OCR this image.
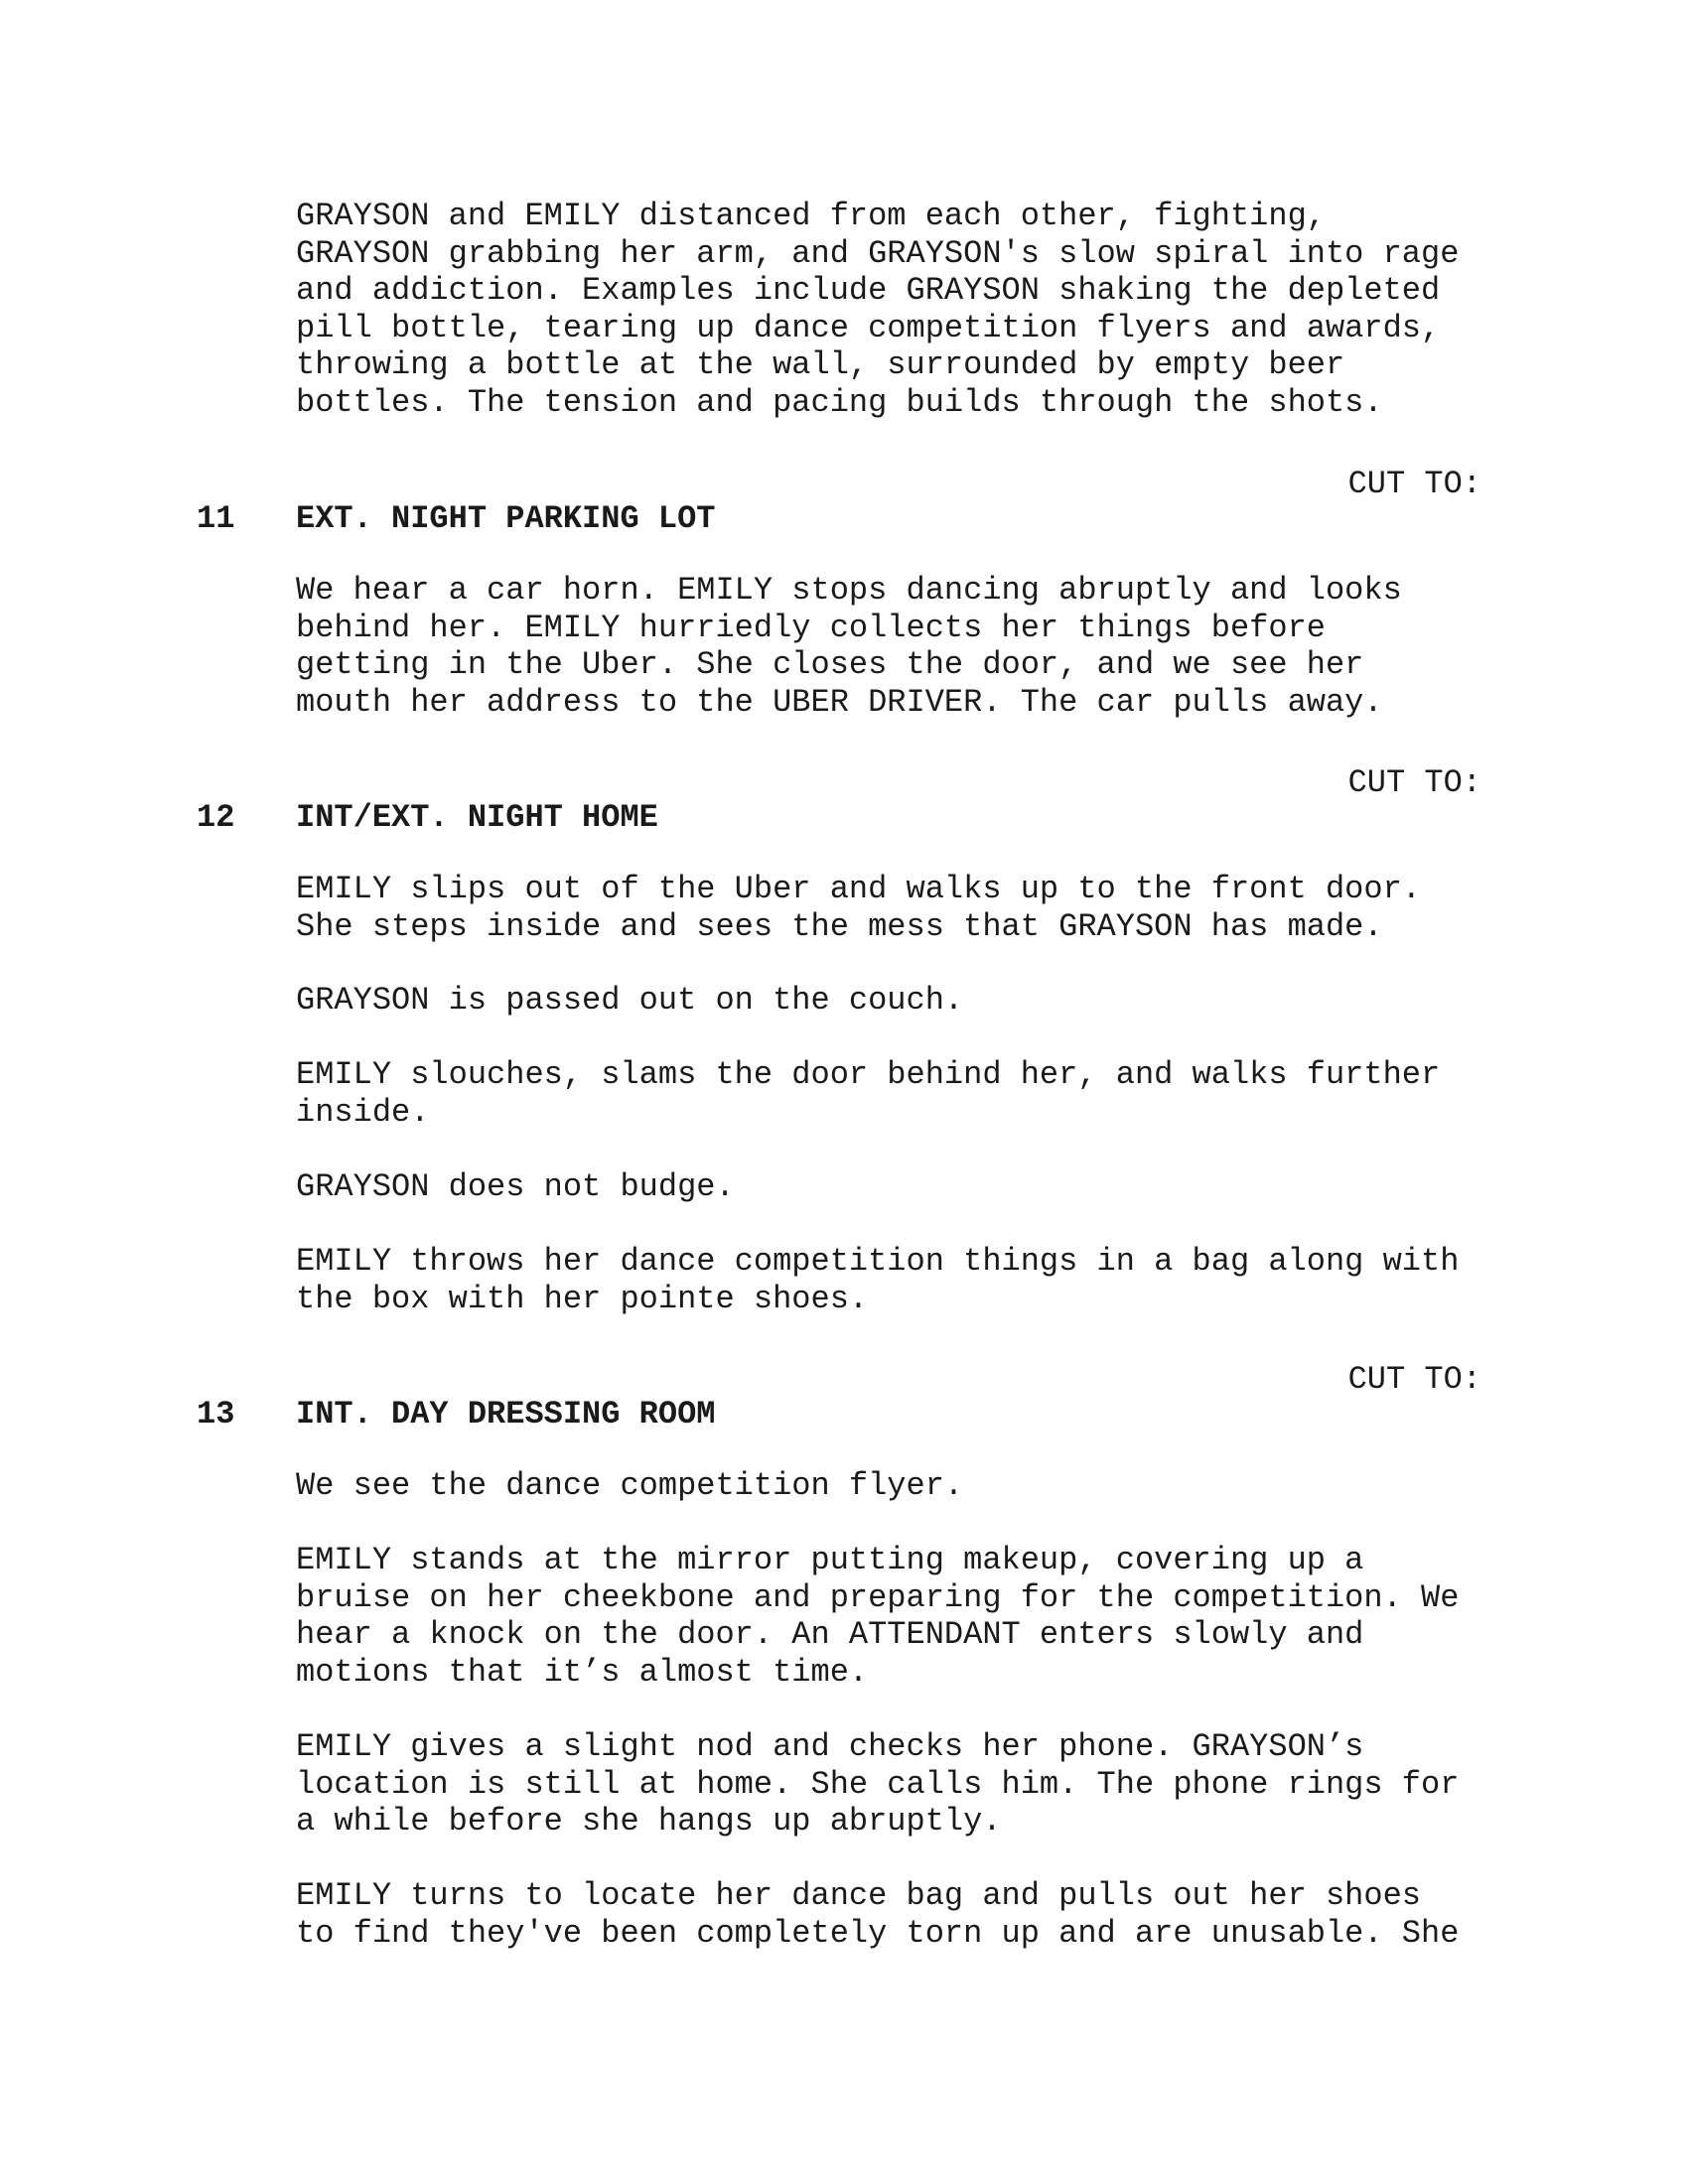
GRAYSON and EMILY distanced from each other, fighting,
GRAYSON grabbing her arm, and GRAYSON's slow spiral into rage
and addiction. Examples include GRAYSON shaking the depleted
pill bottle, tearing up dance competition flyers and awards,
throwing a bottle at the wall, surrounded by empty beer
bottles. The tension and pacing builds through the shots.
CUT TO:
11 EXT. NIGHT PARKING LOT
We hear a car horn. EMILY stops dancing abruptly and looks
behind her. EMILY hurriedly collects her things before
getting in the Uber. She closes the door, and we see her
mouth her address to the UBER DRIVER. The car pulls away.
CUT TO:
12 INT/EXT. NIGHT HOME
EMILY slips out of the Uber and walks up to the front door.
She steps inside and sees the mess that GRAYSON has made.
GRAYSON is passed out on the couch.
EMILY slouches, slams the door behind her, and walks further
inside.
GRAYSON does not budge.
EMILY throws her dance competition things in a bag along with
the box with her pointe shoes.
CUT TO:
13 INT. DAY DRESSING ROOM
We see the dance competition flyer.
EMILY stands at the mirror putting makeup, covering up a
bruise on her cheekbone and preparing for the competition. We
hear a knock on the door. An ATTENDANT enters slowly and
motions that it’s almost time.
EMILY gives a slight nod and checks her phone. GRAYSON’s
location is still at home. She calls him. The phone rings for
a while before she hangs up abruptly.
EMILY turns to locate her dance bag and pulls out her shoes
to find they've been completely torn up and are unusable. She
